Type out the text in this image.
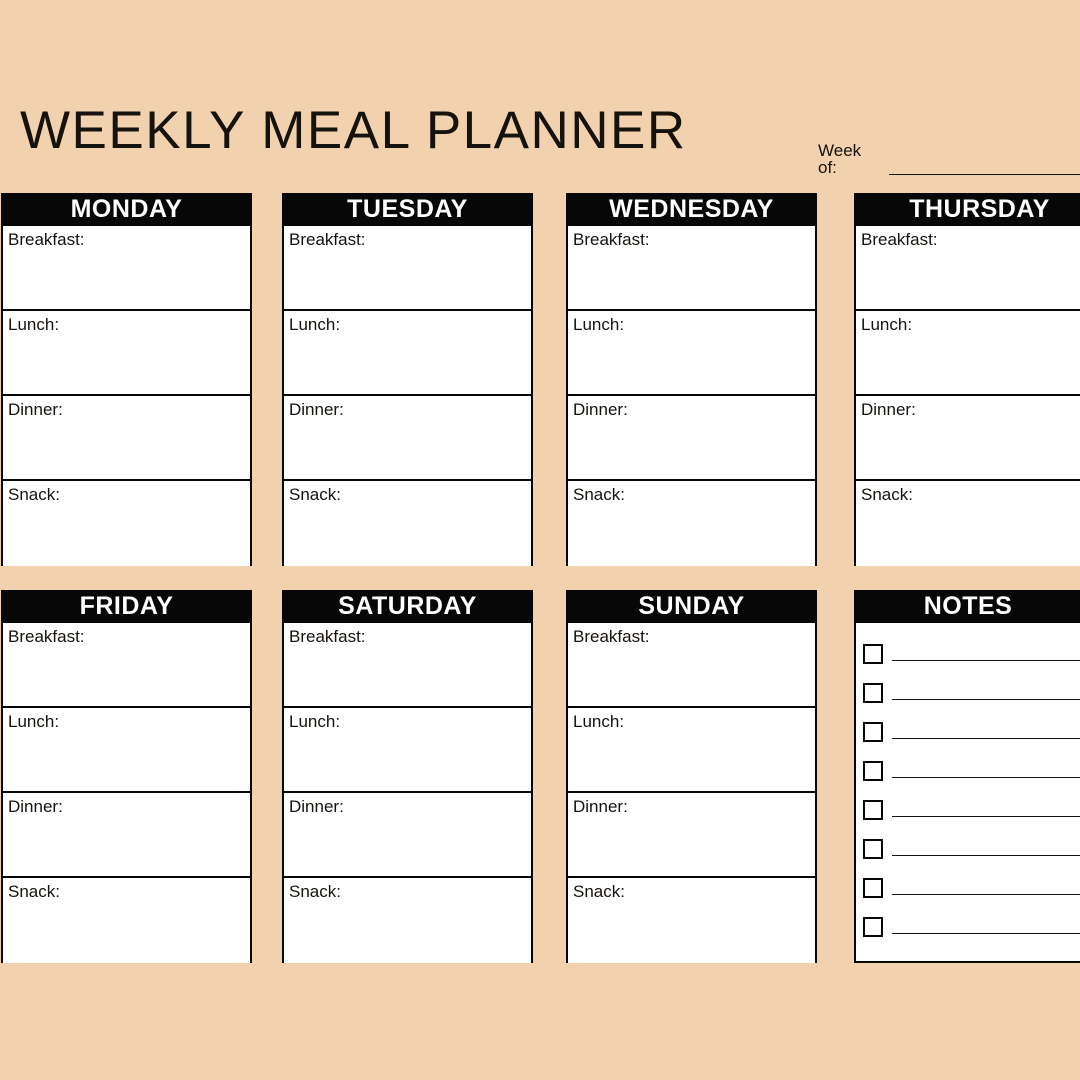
WEEKLY MEAL PLANNER	Week of:
MONDAY
Breakfast:
Lunch:
Dinner:
Snack:
TUESDAY
Breakfast:
Lunch:
Dinner:
Snack:
WEDNESDAY
Breakfast:
Lunch:
Dinner:
Snack:
THURSDAY
Breakfast:
Lunch:
Dinner:
Snack:
FRIDAY
Breakfast:
Lunch:
Dinner:
Snack:
SATURDAY
Breakfast:
Lunch:
Dinner:
Snack:
SUNDAY
Breakfast:
Lunch:
Dinner:
Snack:
NOTES
